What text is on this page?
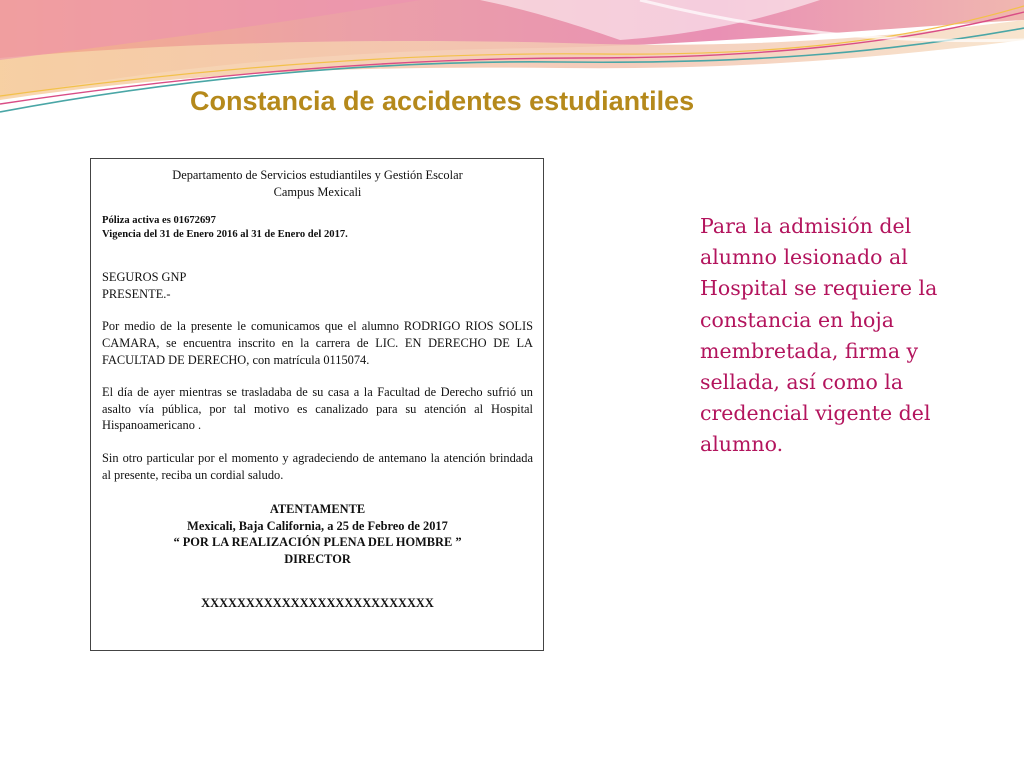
Constancia de accidentes estudiantiles

Departamento de Servicios estudiantiles y Gestión Escolar

Campus Mexicali

Póliza activa es 01672697

Vigencia del 31 de Enero 2016 al 31 de Enero del 2017.

SEGUROS GNP

PRESENTE.-

Por medio de la presente le comunicamos que el alumno RODRIGO RIOS SOLIS CAMARA, se encuentra inscrito en la carrera de LIC. EN DERECHO DE LA FACULTAD DE DERECHO, con matrícula 0115074.

El día de ayer mientras se trasladaba de su casa a la Facultad de Derecho sufrió un asalto vía pública, por tal motivo es canalizado para su atención al Hospital Hispanoamericano .

Sin otro particular por el momento y agradeciendo de antemano la atención brindada al presente, reciba un cordial saludo.

ATENTAMENTE

Mexicali, Baja California, a 25 de Febreo de 2017

“ POR LA REALIZACIÓN PLENA DEL HOMBRE ”

DIRECTOR

XXXXXXXXXXXXXXXXXXXXXXXXXX

Para la admisión del alumno lesionado al Hospital se requiere la constancia en hoja membretada, firma y sellada, así como la credencial vigente del alumno.
